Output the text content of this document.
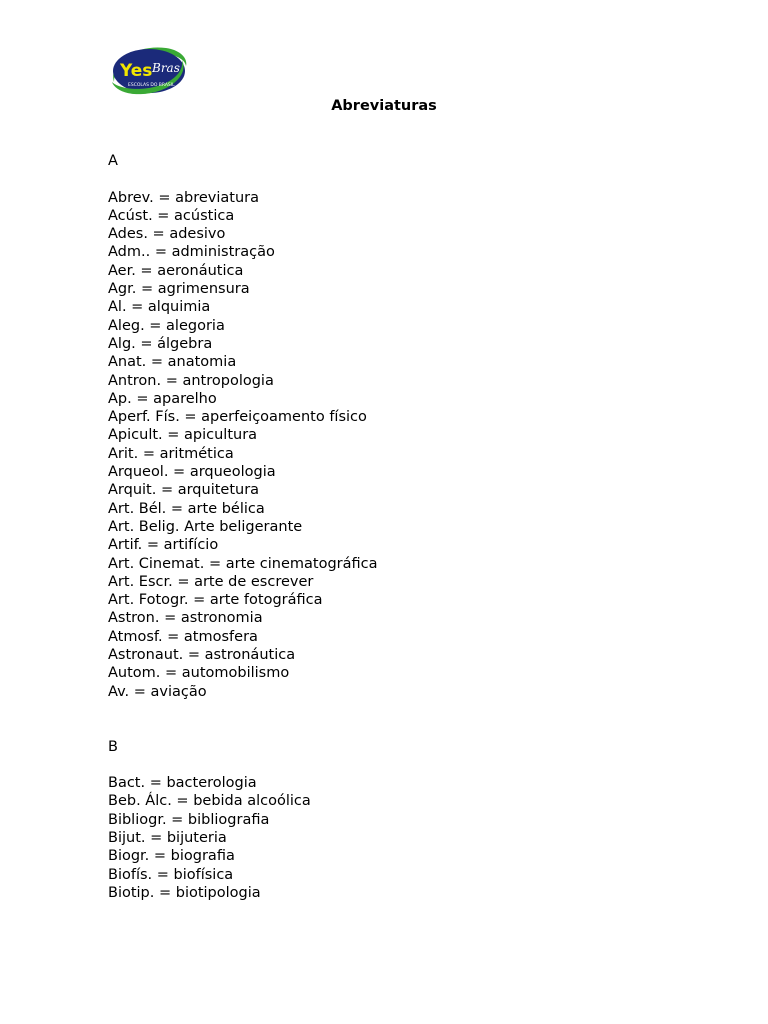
Yes Bras
ESCOLAS DO BRASIL
Abreviaturas
A
Abrev. = abreviatura
Acúst. = acústica
Ades. = adesivo
Adm.. = administração
Aer. = aeronáutica
Agr. = agrimensura
Al. = alquimia
Aleg. = alegoria
Alg. = álgebra
Anat. = anatomia
Antron. = antropologia
Ap. = aparelho
Aperf. Fís. = aperfeiçoamento físico
Apicult. = apicultura
Arit. = aritmética
Arqueol. = arqueologia
Arquit. = arquitetura
Art. Bél. = arte bélica
Art. Belig. Arte beligerante
Artif. = artifício
Art. Cinemat. = arte cinematográfica
Art. Escr. = arte de escrever
Art. Fotogr. = arte fotográfica
Astron. = astronomia
Atmosf. = atmosfera
Astronaut. = astronáutica
Autom. = automobilismo
Av. = aviação
B
Bact. = bacterologia
Beb. Álc. = bebida alcoólica
Bibliogr. = bibliografia
Bijut. = bijuteria
Biogr. = biografia
Biofís. = biofísica
Biotip. = biotipologia
